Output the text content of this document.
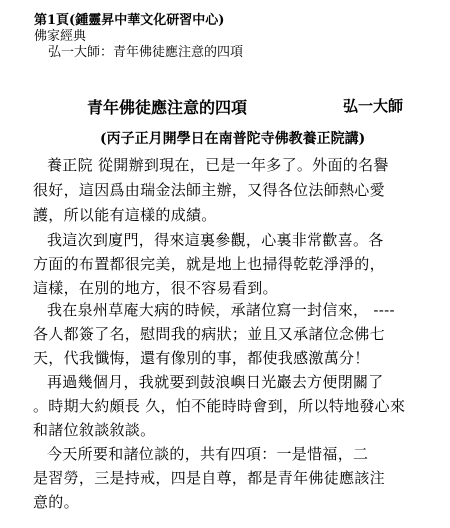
第1頁(鍾靈昇中華文化研習中心)
佛家經典
弘一大師：青年佛徒應注意的四項
青年佛徒應注意的四項	弘一大師
(丙子正月開學日在南普陀寺佛教養正院講)
養正院 從開辦到現在，已是一年多了。外面的名譽
很好，這因爲由瑞金法師主辦，又得各位法師熱心愛
護，所以能有這樣的成績。
我這次到廈門，得來這裏參觀，心裏非常歡喜。各
方面的布置都很完美，就是地上也掃得乾乾淨淨的，
這樣，在別的地方，很不容易看到。
我在泉州草庵大病的時候，承諸位寫一封信來， ----
各人都簽了名，慰問我的病狀；並且又承諸位念佛七
天，代我懺悔，還有像別的事，都使我感激萬分！
再過幾個月，我就要到鼓浪嶼日光巖去方便閉關了
。時期大約頗長 久，怕不能時時會到，所以特地發心來
和諸位敘談敘談。
今天所要和諸位談的，共有四項：一是惜福，二
是習勞，三是持戒，四是自尊，都是青年佛徒應該注
意的。
